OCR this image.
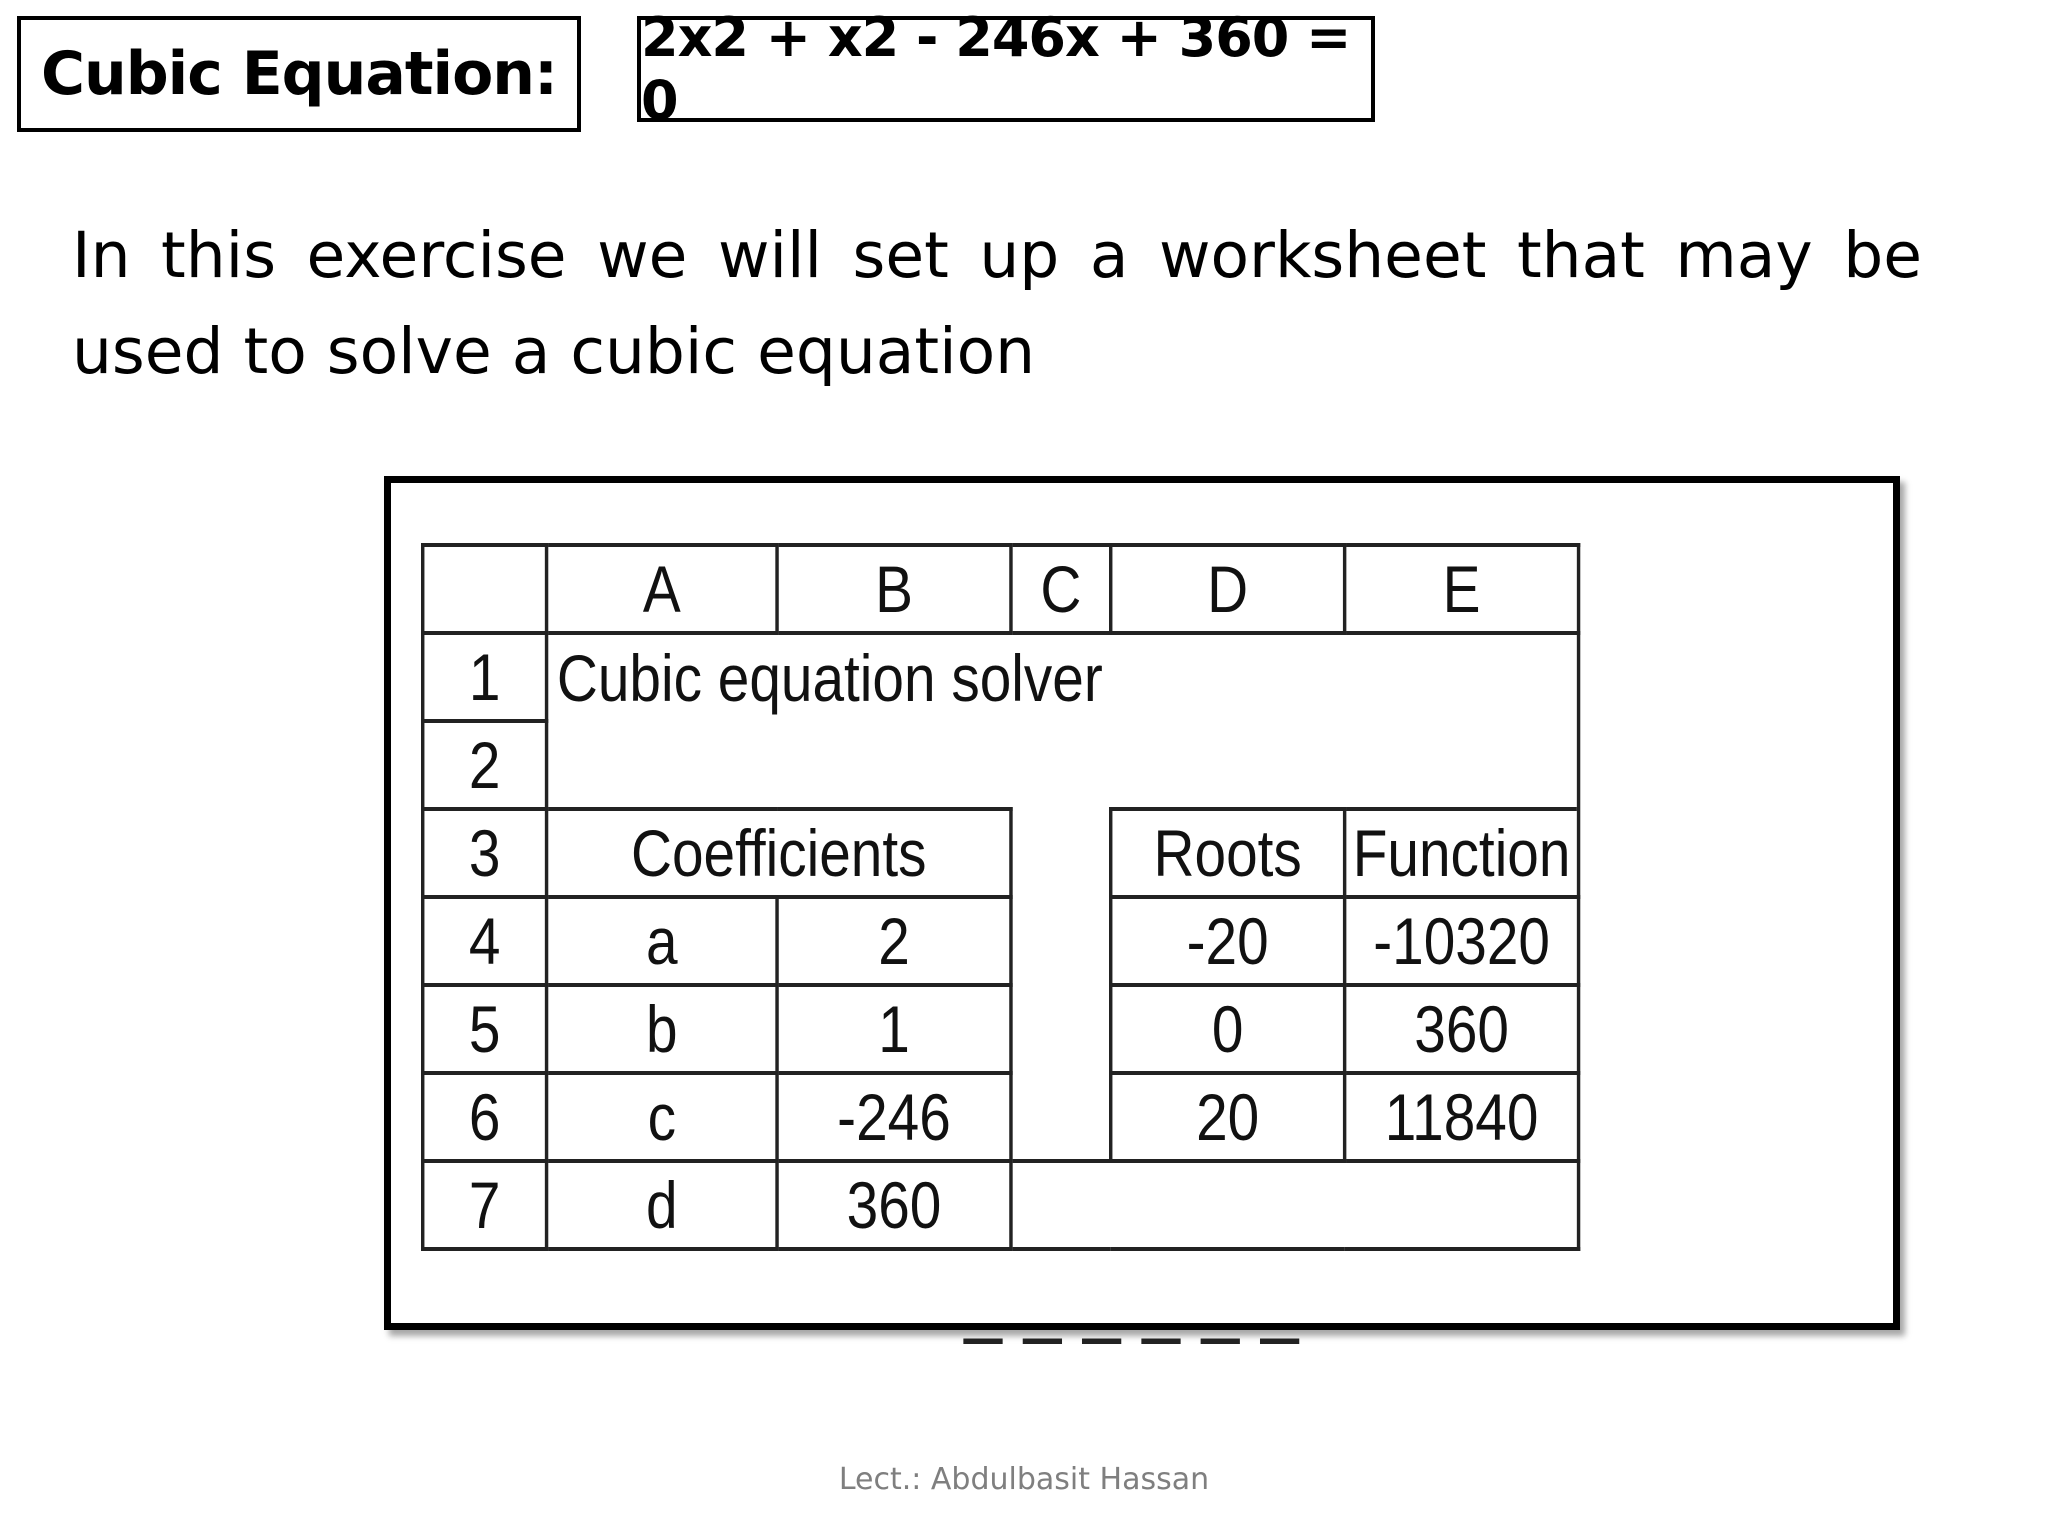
Cubic Equation:
2x2 + x2 - 246x + 360 = 0

In this exercise we will set up a worksheet that may be used to solve a cubic equation

	A	B	C	D	E
1	Cubic equation solver				
2					
3	Coefficients			Roots	Function
4	a	2		-20	-10320
5	b	1		0	360
6	c	-246		20	11840
7	d	360			
— — — — — —
Lect.: Abdulbasit Hassan
